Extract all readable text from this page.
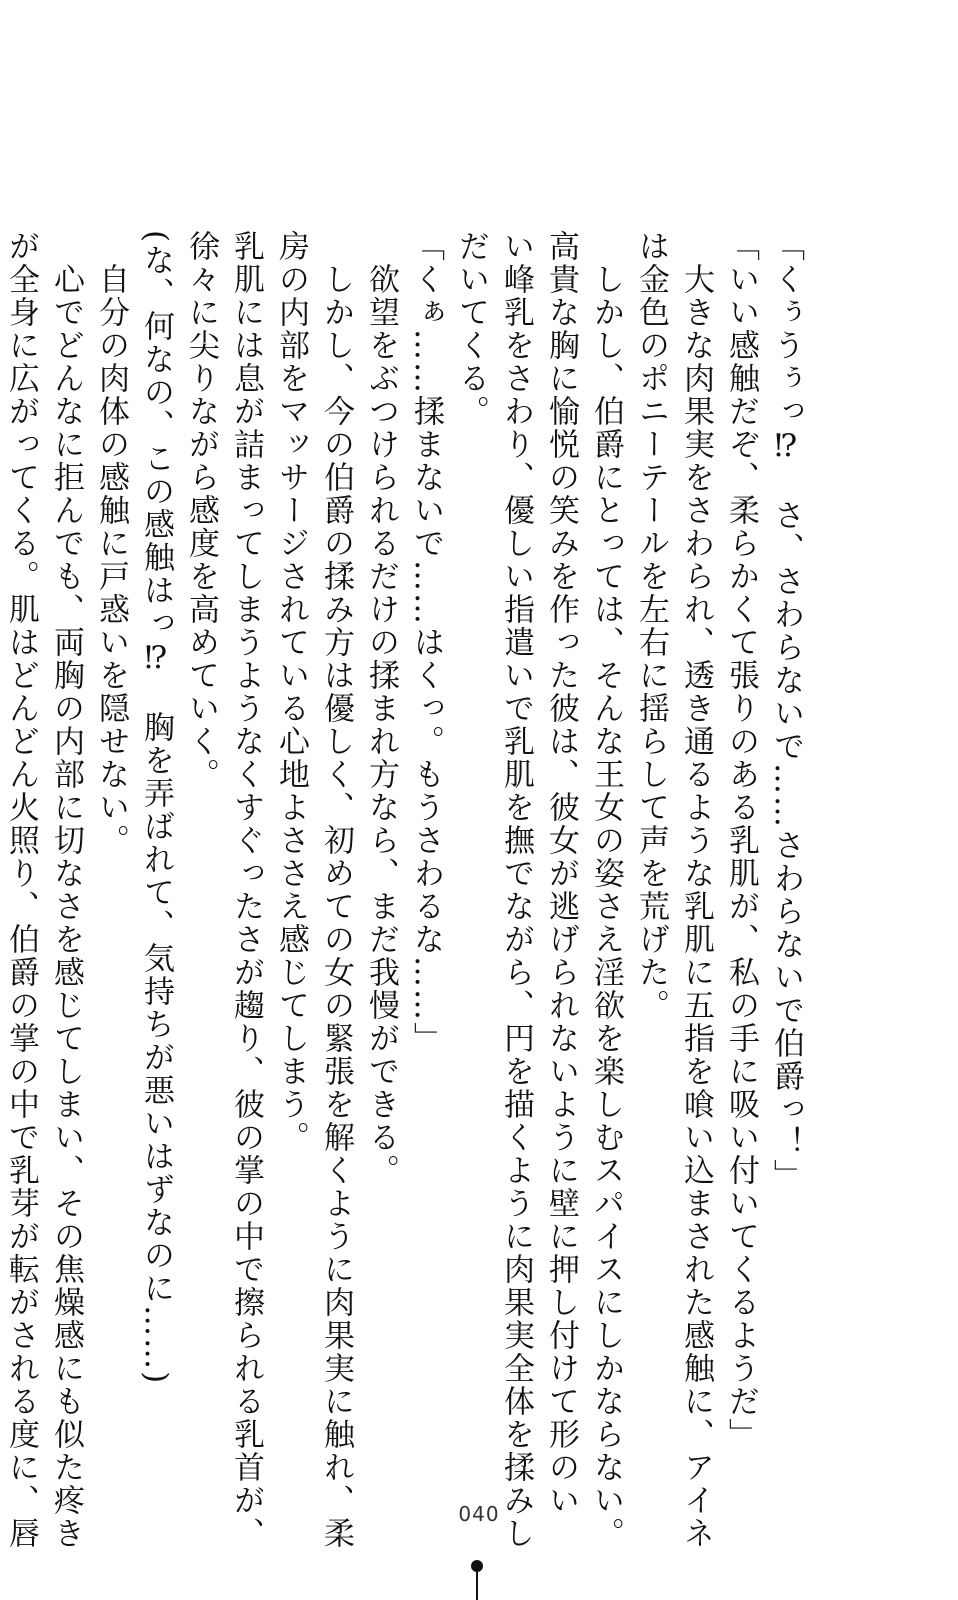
「くぅうぅっ⁉　さ、さわらないで……さわらないで伯爵っ！」

「いい感触だぞ、柔らかくて張りのある乳肌が、私の手に吸い付いてくるようだ」

大きな肉果実をさわられ、透き通るような乳肌に五指を喰い込まされた感触に、アイネ

は金色のポニーテールを左右に揺らして声を荒げた。

しかし、伯爵にとっては、そんな王女の姿さえ淫欲を楽しむスパイスにしかならない。

高貴な胸に愉悦の笑みを作った彼は、彼女が逃げられないように壁に押し付けて形のい

い峰乳をさわり、優しい指遣いで乳肌を撫でながら、円を描くように肉果実全体を揉みし

だいてくる。

「くぁ……揉まないで……はくっ。もうさわるな……」

欲望をぶつけられるだけの揉まれ方なら、まだ我慢ができる。

しかし、今の伯爵の揉み方は優しく、初めての女の緊張を解くように肉果実に触れ、柔

房の内部をマッサージされている心地よささえ感じてしまう。

乳肌には息が詰まってしまうようなくすぐったさが趨り、彼の掌の中で擦られる乳首が、

徐々に尖りながら感度を高めていく。

(な、何なの、この感触はっ⁉　胸を弄ばれて、気持ちが悪いはずなのに……)

自分の肉体の感触に戸惑いを隠せない。

心でどんなに拒んでも、両胸の内部に切なさを感じてしまい、その焦燥感にも似た疼き

が全身に広がってくる。肌はどんどん火照り、伯爵の掌の中で乳芽が転がされる度に、唇	040
